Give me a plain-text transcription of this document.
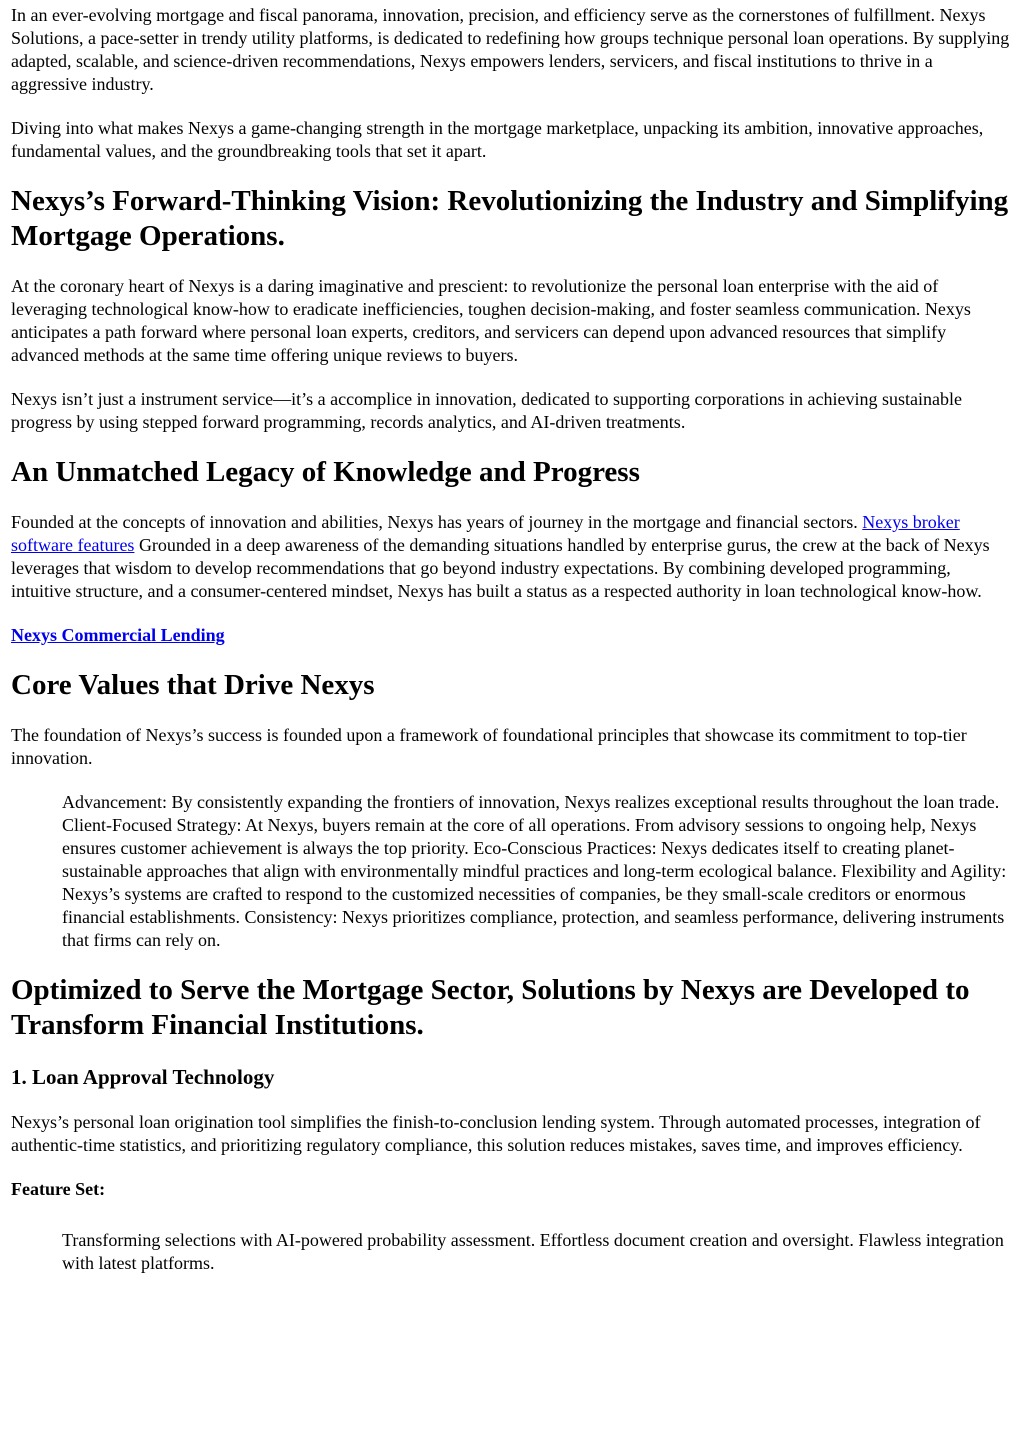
In an ever-evolving mortgage and fiscal panorama, innovation, precision, and efficiency serve as the cornerstones of fulfillment. Nexys Solutions, a pace-setter in trendy utility platforms, is dedicated to redefining how groups technique personal loan operations. By supplying adapted, scalable, and science-driven recommendations, Nexys empowers lenders, servicers, and fiscal institutions to thrive in a aggressive industry.

Diving into what makes Nexys a game-changing strength in the mortgage marketplace, unpacking its ambition, innovative approaches, fundamental values, and the groundbreaking tools that set it apart.

Nexys’s Forward-Thinking Vision: Revolutionizing the Industry and Simplifying Mortgage Operations.

At the coronary heart of Nexys is a daring imaginative and prescient: to revolutionize the personal loan enterprise with the aid of leveraging technological know-how to eradicate inefficiencies, toughen decision-making, and foster seamless communication. Nexys anticipates a path forward where personal loan experts, creditors, and servicers can depend upon advanced resources that simplify advanced methods at the same time offering unique reviews to buyers.

Nexys isn’t just a instrument service—it’s a accomplice in innovation, dedicated to supporting corporations in achieving sustainable progress by using stepped forward programming, records analytics, and AI-driven treatments.

An Unmatched Legacy of Knowledge and Progress

Founded at the concepts of innovation and abilities, Nexys has years of journey in the mortgage and financial sectors. Nexys broker software features Grounded in a deep awareness of the demanding situations handled by enterprise gurus, the crew at the back of Nexys leverages that wisdom to develop recommendations that go beyond industry expectations. By combining developed programming, intuitive structure, and a consumer-centered mindset, Nexys has built a status as a respected authority in loan technological know-how.

Nexys Commercial Lending

Core Values that Drive Nexys

The foundation of Nexys’s success is founded upon a framework of foundational principles that showcase its commitment to top-tier innovation.

Advancement: By consistently expanding the frontiers of innovation, Nexys realizes exceptional results throughout the loan trade. Client-Focused Strategy: At Nexys, buyers remain at the core of all operations. From advisory sessions to ongoing help, Nexys ensures customer achievement is always the top priority. Eco-Conscious Practices: Nexys dedicates itself to creating planet-sustainable approaches that align with environmentally mindful practices and long-term ecological balance. Flexibility and Agility: Nexys’s systems are crafted to respond to the customized necessities of companies, be they small-scale creditors or enormous financial establishments. Consistency: Nexys prioritizes compliance, protection, and seamless performance, delivering instruments that firms can rely on.
Optimized to Serve the Mortgage Sector, Solutions by Nexys are Developed to Transform Financial Institutions.
1. Loan Approval Technology

Nexys’s personal loan origination tool simplifies the finish-to-conclusion lending system. Through automated processes, integration of authentic-time statistics, and prioritizing regulatory compliance, this solution reduces mistakes, saves time, and improves efficiency.

Feature Set:
Transforming selections with AI-powered probability assessment. Effortless document creation and oversight. Flawless integration with latest platforms.
